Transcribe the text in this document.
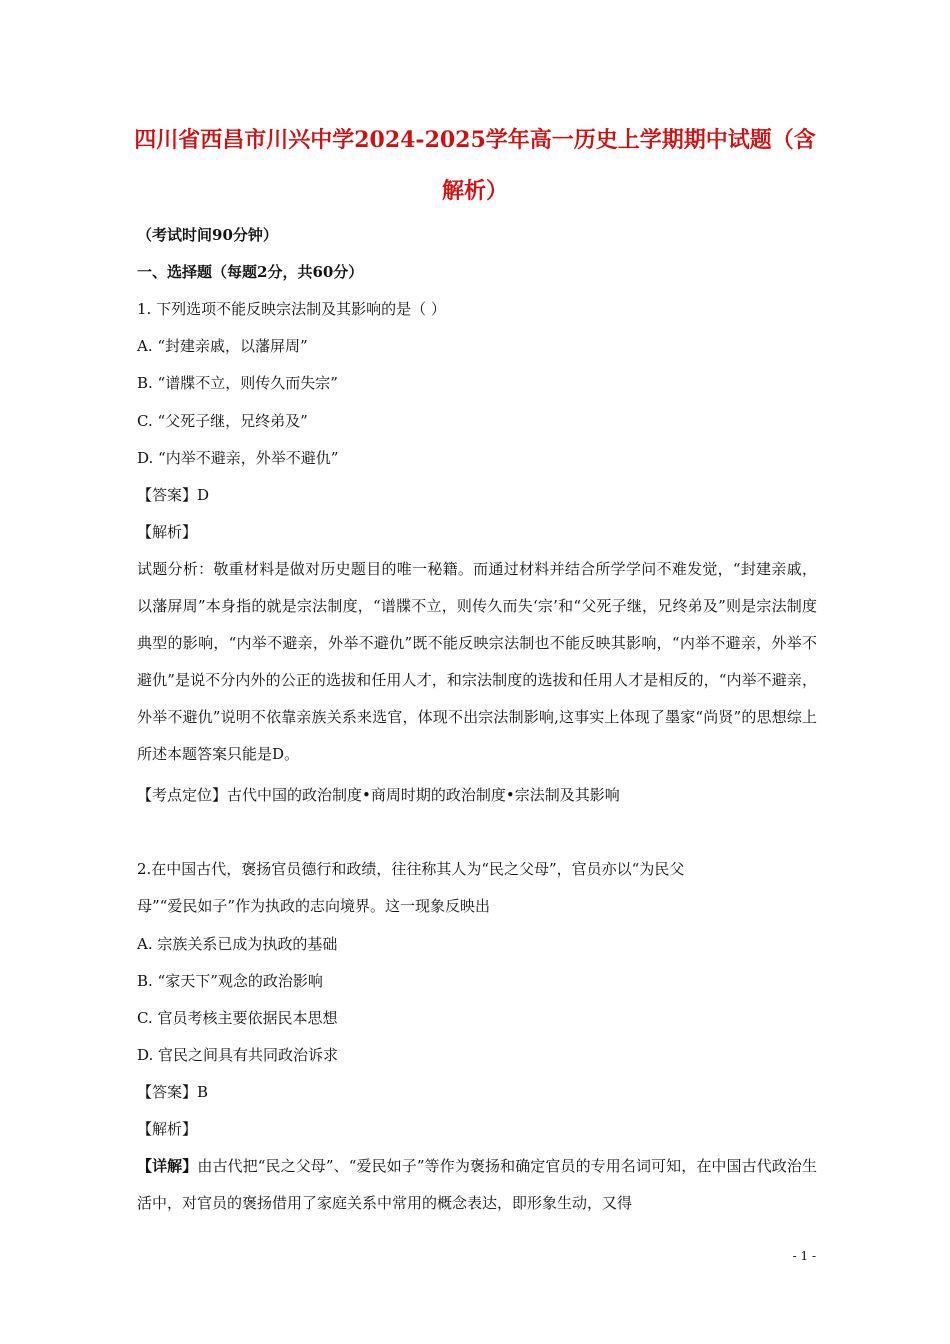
四川省西昌市川兴中学2024-2025学年高一历史上学期期中试题（含
解析）
（考试时间90分钟）
一、选择题（每题2分，共60分）
1. 下列选项不能反映宗法制及其影响的是（ ）
A. “封建亲戚，以藩屏周”
B. “谱牒不立，则传久而失宗”
C. “父死子继，兄终弟及”
D. “内举不避亲，外举不避仇”
【答案】D
【解析】
试题分析：敬重材料是做对历史题目的唯一秘籍。而通过材料并结合所学学问不难发觉，“封建亲戚，以藩屏周”本身指的就是宗法制度，“谱牒不立，则传久而失‘宗’和“父死子继，兄终弟及”则是宗法制度典型的影响，“内举不避亲，外举不避仇”既不能反映宗法制也不能反映其影响，“内举不避亲，外举不避仇”是说不分内外的公正的选拔和任用人才，和宗法制度的选拔和任用人才是相反的，“内举不避亲，外举不避仇”说明不依靠亲族关系来选官，体现不出宗法制影响,这事实上体现了墨家“尚贤”的思想综上所述本题答案只能是D。
【考点定位】古代中国的政治制度•商周时期的政治制度•宗法制及其影响
2.在中国古代，褒扬官员德行和政绩，往往称其人为“民之父母”，官员亦以“为民父
母”“爱民如子”作为执政的志向境界。这一现象反映出
A. 宗族关系已成为执政的基础
B. “家天下”观念的政治影响
C. 官员考核主要依据民本思想
D. 官民之间具有共同政治诉求
【答案】B
【解析】
【详解】由古代把“民之父母”、“爱民如子”等作为褒扬和确定官员的专用名词可知，在中国古代政治生活中，对官员的褒扬借用了家庭关系中常用的概念表达，即形象生动，又得
- 1 -
